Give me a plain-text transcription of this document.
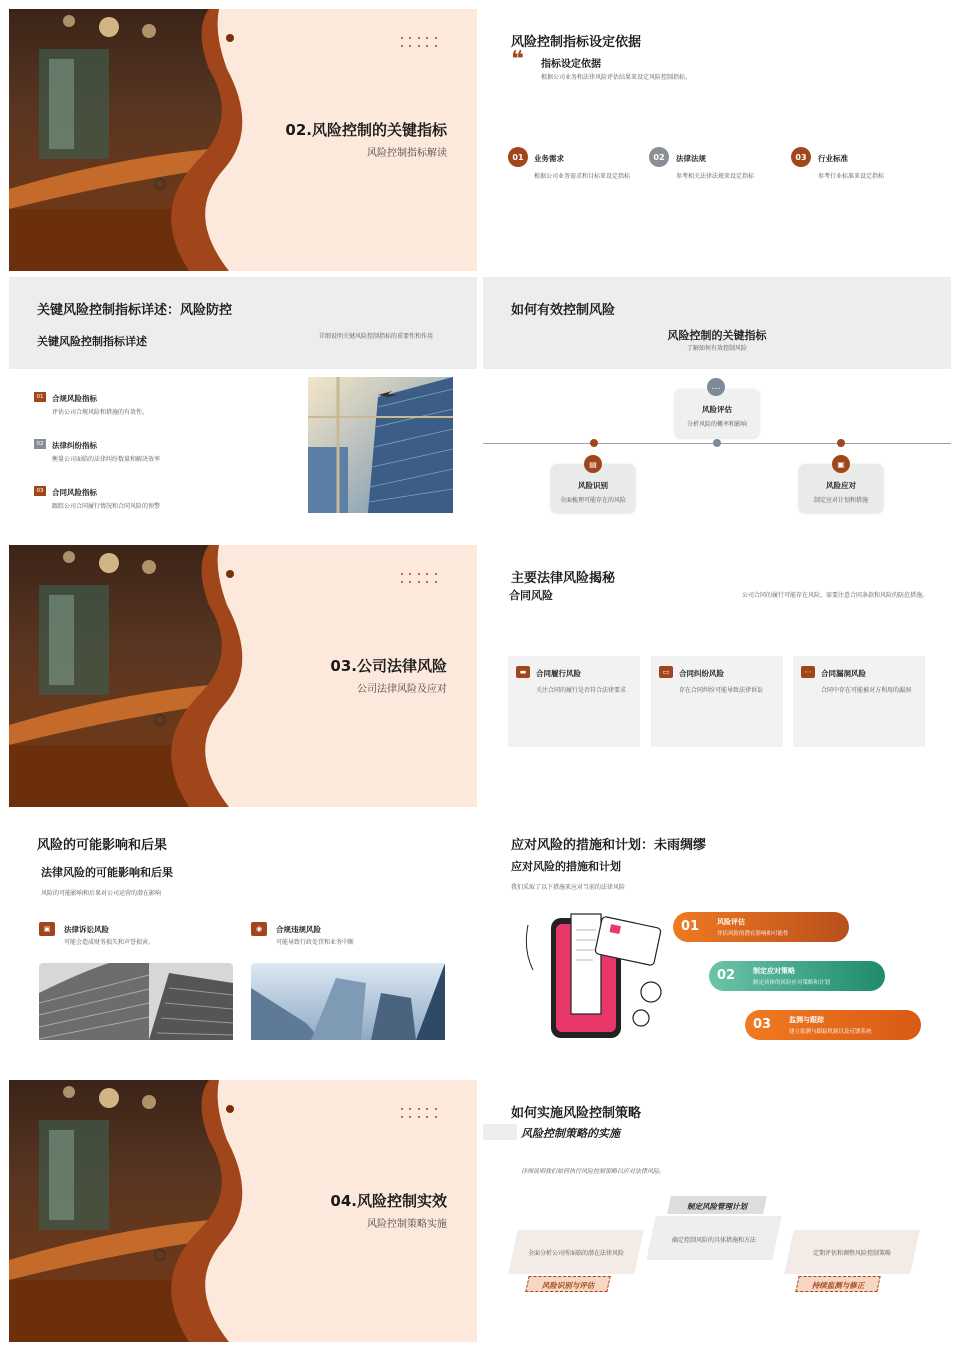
02.风险控制的关键指标
风险控制指标解读
风险控制指标设定依据
❝ 指标设定依据
根据公司业务和法律风险评估结果来设定风险控制指标。
01	业务需求
根据公司业务需求和目标来设定指标
02	法律法规
参考相关法律法规来设定指标
03	行业标准
参考行业标准来设定指标
关键风险控制指标详述：风险防控
关键风险控制指标详述	详细说明关键风险控制指标的重要性和作用
01	合规风险指标
评估公司合规风险和措施的有效性。
02	法律纠纷指标
衡量公司面临的法律纠纷数量和解决效率
03	合同风险指标
跟踪公司合同履行情况和合同风险的预警
如何有效控制风险
风险控制的关键指标
了解如何有效控制风险
风险评估
分析风险的概率和影响
…
风险识别
全面梳理可能存在的风险
▤
风险应对
制定应对计划和措施
▣
03.公司法律风险
公司法律风险及应对
主要法律风险揭秘
合同风险	公司合同的履行可能存在风险，需要注意合同条款和风险的防范措施。
▬	合同履行风险
关注合同的履行是否符合法律要求
▭	合同纠纷风险
存在合同纠纷可能导致法律诉讼
⋯	合同漏洞风险
合同中存在可能被对方利用的漏洞
风险的可能影响和后果
法律风险的可能影响和后果
风险的可能影响和后果对公司运营的潜在影响
▣	法律诉讼风险
可能会造成财务损失和声誉损害。
◉	合规违规风险
可能导致行政处罚和业务中断
应对风险的措施和计划：未雨绸缪
应对风险的措施和计划
我们采取了以下措施来应对当前的法律风险
01	风险评估
评估风险的潜在影响和可能性
02	制定应对策略
制定具体的风险应对策略和计划
03	监测与跟踪
建立监测与跟踪机制以及反馈系统
04.风险控制实效
风险控制策略实施
如何实施风险控制策略
风险控制策略的实施
详细说明我们如何执行风险控制策略以应对法律风险。
全面分析公司所面临的潜在法律风险
风险识别与评估
制定风险管理计划
确定控制风险的具体措施和方法
定期评估和调整风险控制策略
持续监测与修正
